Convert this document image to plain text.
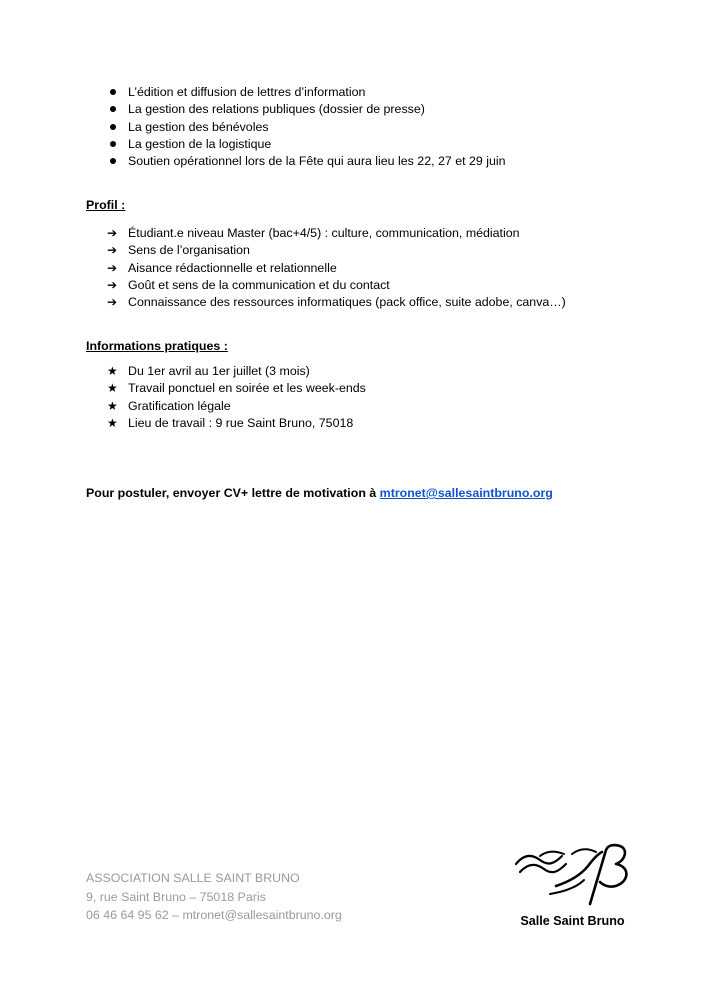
L’édition et diffusion de lettres d’information
La gestion des relations publiques (dossier de presse)
La gestion des bénévoles
La gestion de la logistique
Soutien opérationnel lors de la Fête qui aura lieu les 22, 27 et 29 juin
Profil :
➔ Étudiant.e niveau Master (bac+4/5) : culture, communication, médiation
➔ Sens de l’organisation
➔ Aisance rédactionnelle et relationnelle
➔ Goût et sens de la communication et du contact
➔ Connaissance des ressources informatiques (pack office, suite adobe, canva…)
Informations pratiques :
★ Du 1er avril au 1er juillet (3 mois)
★ Travail ponctuel en soirée et les week-ends
★ Gratification légale
★ Lieu de travail : 9 rue Saint Bruno, 75018
Pour postuler, envoyer CV+ lettre de motivation à mtronet@sallesaintbruno.org
ASSOCIATION SALLE SAINT BRUNO
9, rue Saint Bruno – 75018 Paris
06 46 64 95 62 – mtronet@sallesaintbruno.org	Salle Saint Bruno
